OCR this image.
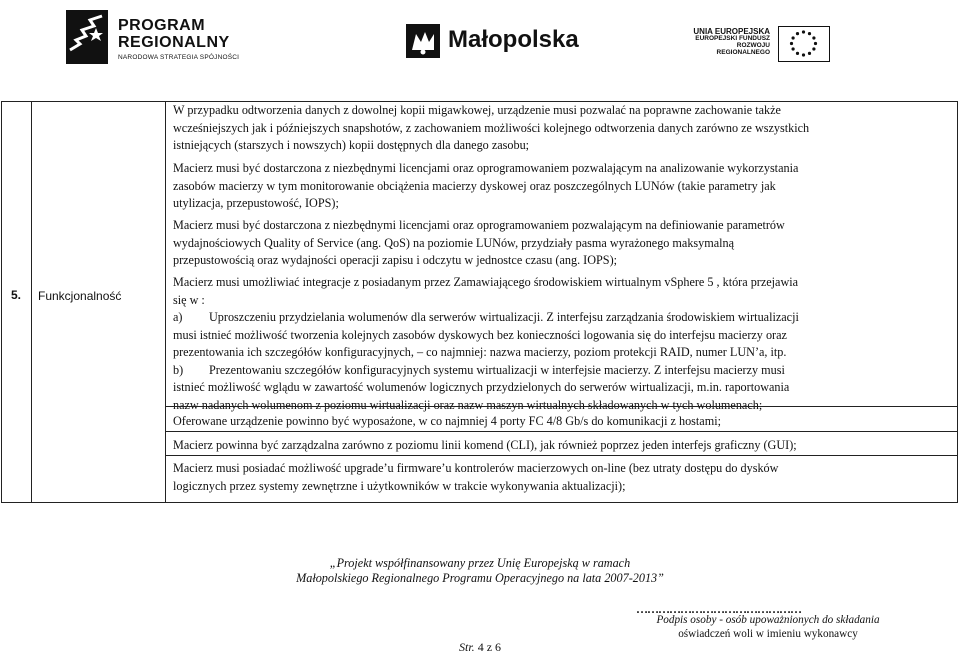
PROGRAM
REGIONALNY
NARODOWA STRATEGIA SPÓJNOŚCI
Małopolska	UNIA EUROPEJSKA
EUROPEJSKI FUNDUSZ
ROZWOJU REGIONALNEGO
5. Funkcjonalność
W przypadku odtworzenia danych z dowolnej kopii migawkowej, urządzenie musi pozwalać na poprawne zachowanie także
wcześniejszych jak i późniejszych snapshotów, z zachowaniem możliwości kolejnego odtworzenia danych zarówno ze wszystkich
istniejących (starszych i nowszych) kopii dostępnych dla danego zasobu;
Macierz musi być dostarczona z niezbędnymi licencjami oraz oprogramowaniem pozwalającym na analizowanie wykorzystania
zasobów macierzy w tym monitorowanie obciążenia macierzy dyskowej oraz poszczególnych LUNów (takie parametry jak
utylizacja, przepustowość, IOPS);
Macierz musi być dostarczona z niezbędnymi licencjami oraz oprogramowaniem pozwalającym na definiowanie parametrów
wydajnościowych Quality of Service (ang. QoS) na poziomie LUNów, przydziały pasma wyrażonego maksymalną
przepustowością oraz wydajności operacji zapisu i odczytu w jednostce czasu (ang. IOPS);
Macierz musi umożliwiać integracje z posiadanym przez Zamawiającego środowiskiem wirtualnym vSphere 5 , która przejawia
się w :
a) Uproszczeniu przydzielania wolumenów dla serwerów wirtualizacji. Z interfejsu zarządzania środowiskiem wirtualizacji
musi istnieć możliwość tworzenia kolejnych zasobów dyskowych bez konieczności logowania się do interfejsu macierzy oraz
prezentowania ich szczegółów konfiguracyjnych, – co najmniej: nazwa macierzy, poziom protekcji RAID, numer LUN’a, itp.
b) Prezentowaniu szczegółów konfiguracyjnych systemu wirtualizacji w interfejsie macierzy. Z interfejsu macierzy musi
istnieć możliwość wglądu w zawartość wolumenów logicznych przydzielonych do serwerów wirtualizacji, m.in. raportowania
nazw nadanych wolumenom z poziomu wirtualizacji oraz nazw maszyn wirtualnych składowanych w tych wolumenach;
Oferowane urządzenie powinno być wyposażone, w co najmniej 4 porty FC 4/8 Gb/s do komunikacji z hostami;
Macierz powinna być zarządzalna zarówno z poziomu linii komend (CLI), jak również poprzez jeden interfejs graficzny (GUI);
Macierz musi posiadać możliwość upgrade’u firmware’u kontrolerów macierzowych on-line (bez utraty dostępu do dysków
logicznych przez systemy zewnętrzne i użytkowników w trakcie wykonywania aktualizacji);
„Projekt współfinansowany przez Unię Europejską w ramach
Małopolskiego Regionalnego Programu Operacyjnego na lata 2007-2013”
………………………………………
Podpis osoby - osób upoważnionych do składania
oświadczeń woli w imieniu wykonawcy
Str. 4 z 6
